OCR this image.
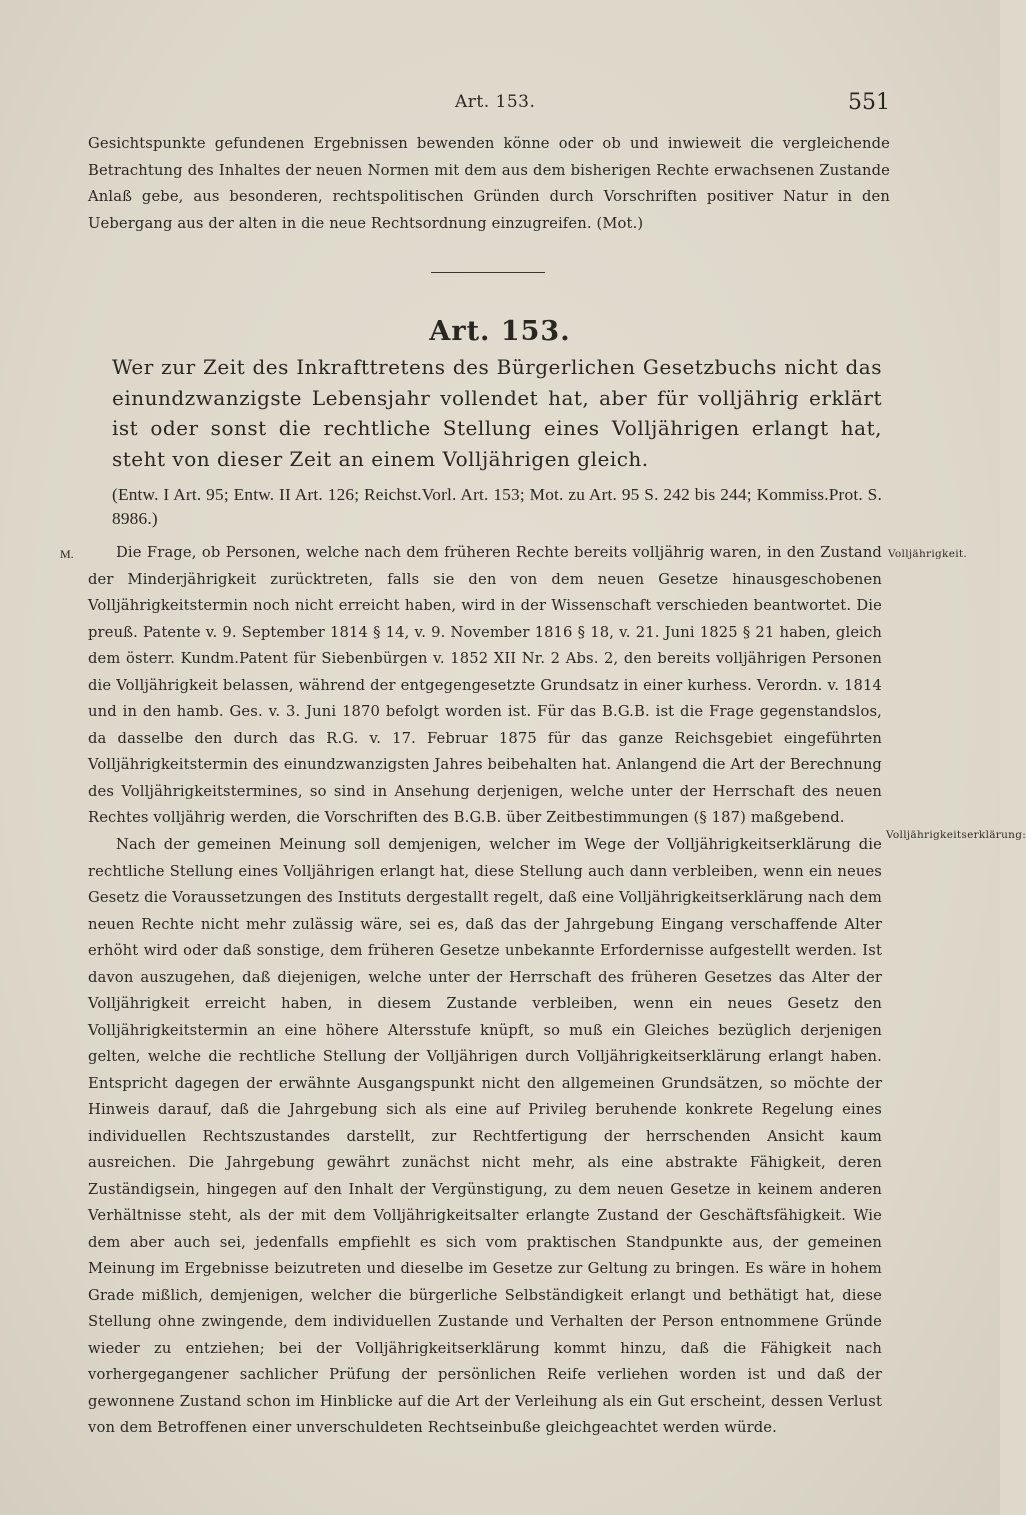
Art. 153.	551

Gesichtspunkte gefundenen Ergebnissen bewenden könne oder ob und inwieweit die vergleichende Betrachtung des Inhaltes der neuen Normen mit dem aus dem bisherigen Rechte erwachsenen Zustande Anlaß gebe, aus besonderen, rechtspolitischen Gründen durch Vorschriften positiver Natur in den Uebergang aus der alten in die neue Rechtsordnung einzugreifen. (Mot.)

Art. 153.

Wer zur Zeit des Inkrafttretens des Bürgerlichen Gesetzbuchs nicht das einundzwanzigste Lebensjahr vollendet hat, aber für volljährig erklärt ist oder sonst die rechtliche Stellung eines Volljährigen erlangt hat, steht von dieser Zeit an einem Volljährigen gleich.

(Entw. I Art. 95; Entw. II Art. 126; Reichst.Vorl. Art. 153; Mot. zu Art. 95 S. 242 bis 244; Kommiss.Prot. S. 8986.)

M.	Die Frage, ob Personen, welche nach dem früheren Rechte bereits volljährig waren, in den Zustand der Minderjährigkeit zurücktreten, falls sie den von dem neuen Gesetze hinausgeschobenen Volljährigkeitstermin noch nicht erreicht haben, wird in der Wissenschaft verschieden beantwortet. Die preuß. Patente v. 9. September 1814 § 14, v. 9. November 1816 § 18, v. 21. Juni 1825 § 21 haben, gleich dem österr. Kundm.Patent für Siebenbürgen v. 1852 XII Nr. 2 Abs. 2, den bereits volljährigen Personen die Volljährigkeit belassen, während der entgegengesetzte Grundsatz in einer kurhess. Verordn. v. 1814 und in den hamb. Ges. v. 3. Juni 1870 befolgt worden ist. Für das B.G.B. ist die Frage gegenstandslos, da dasselbe den durch das R.G. v. 17. Februar 1875 für das ganze Reichsgebiet eingeführten Volljährigkeitstermin des einundzwanzigsten Jahres beibehalten hat. Anlangend die Art der Berechnung des Volljährigkeitstermines, so sind in Ansehung derjenigen, welche unter der Herrschaft des neuen Rechtes volljährig werden, die Vorschriften des B.G.B. über Zeitbestimmungen (§ 187) maßgebend.

Volljährigkeit.

Nach der gemeinen Meinung soll demjenigen, welcher im Wege der Volljährigkeitserklärung die rechtliche Stellung eines Volljährigen erlangt hat, diese Stellung auch dann verbleiben, wenn ein neues Gesetz die Voraussetzungen des Instituts dergestallt regelt, daß eine Volljährigkeitserklärung nach dem neuen Rechte nicht mehr zulässig wäre, sei es, daß das der Jahrgebung Eingang verschaffende Alter erhöht wird oder daß sonstige, dem früheren Gesetze unbekannte Erfordernisse aufgestellt werden. Ist davon auszugehen, daß diejenigen, welche unter der Herrschaft des früheren Gesetzes das Alter der Volljährigkeit erreicht haben, in diesem Zustande verbleiben, wenn ein neues Gesetz den Volljährigkeitstermin an eine höhere Altersstufe knüpft, so muß ein Gleiches bezüglich derjenigen gelten, welche die rechtliche Stellung der Volljährigen durch Volljährigkeitserklärung erlangt haben. Entspricht dagegen der erwähnte Ausgangspunkt nicht den allgemeinen Grundsätzen, so möchte der Hinweis darauf, daß die Jahrgebung sich als eine auf Privileg beruhende konkrete Regelung eines individuellen Rechtszustandes darstellt, zur Rechtfertigung der herrschenden Ansicht kaum ausreichen. Die Jahrgebung gewährt zunächst nicht mehr, als eine abstrakte Fähigkeit, deren Zuständigsein, hingegen auf den Inhalt der Vergünstigung, zu dem neuen Gesetze in keinem anderen Verhältnisse steht, als der mit dem Volljährigkeitsalter erlangte Zustand der Geschäftsfähigkeit. Wie dem aber auch sei, jedenfalls empfiehlt es sich vom praktischen Standpunkte aus, der gemeinen Meinung im Ergebnisse beizutreten und dieselbe im Gesetze zur Geltung zu bringen. Es wäre in hohem Grade mißlich, demjenigen, welcher die bürgerliche Selbständigkeit erlangt und bethätigt hat, diese Stellung ohne zwingende, dem individuellen Zustande und Verhalten der Person entnommene Gründe wieder zu entziehen; bei der Volljährigkeitserklärung kommt hinzu, daß die Fähigkeit nach vorhergegangener sachlicher Prüfung der persönlichen Reife verliehen worden ist und daß der gewonnene Zustand schon im Hinblicke auf die Art der Verleihung als ein Gut erscheint, dessen Verlust von dem Betroffenen einer unverschuldeten Rechtseinbuße gleichgeachtet werden würde.

Volljährigkeitserklärung:
